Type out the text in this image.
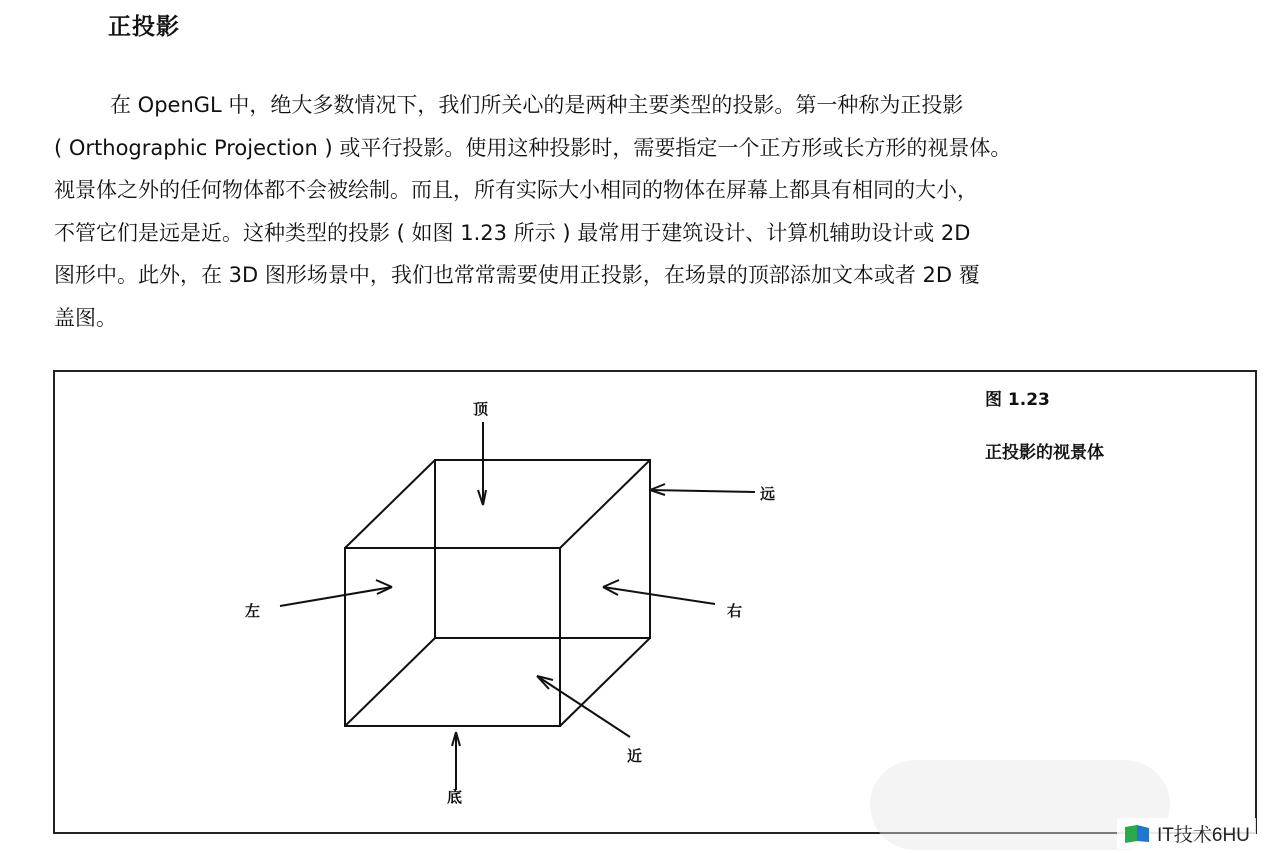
正投影

在 OpenGL 中，绝大多数情况下，我们所关心的是两种主要类型的投影。第一种称为正投影
( Orthographic Projection ) 或平行投影。使用这种投影时，需要指定一个正方形或长方形的视景体。
视景体之外的任何物体都不会被绘制。而且，所有实际大小相同的物体在屏幕上都具有相同的大小，
不管它们是远是近。这种类型的投影 ( 如图 1.23 所示 ) 最常用于建筑设计、计算机辅助设计或 2D
图形中。此外，在 3D 图形场景中，我们也常常需要使用正投影，在场景的顶部添加文本或者 2D 覆
盖图。

顶
远
左	右
近
底
图 1.23
正投影的视景体
IT技术6HU
